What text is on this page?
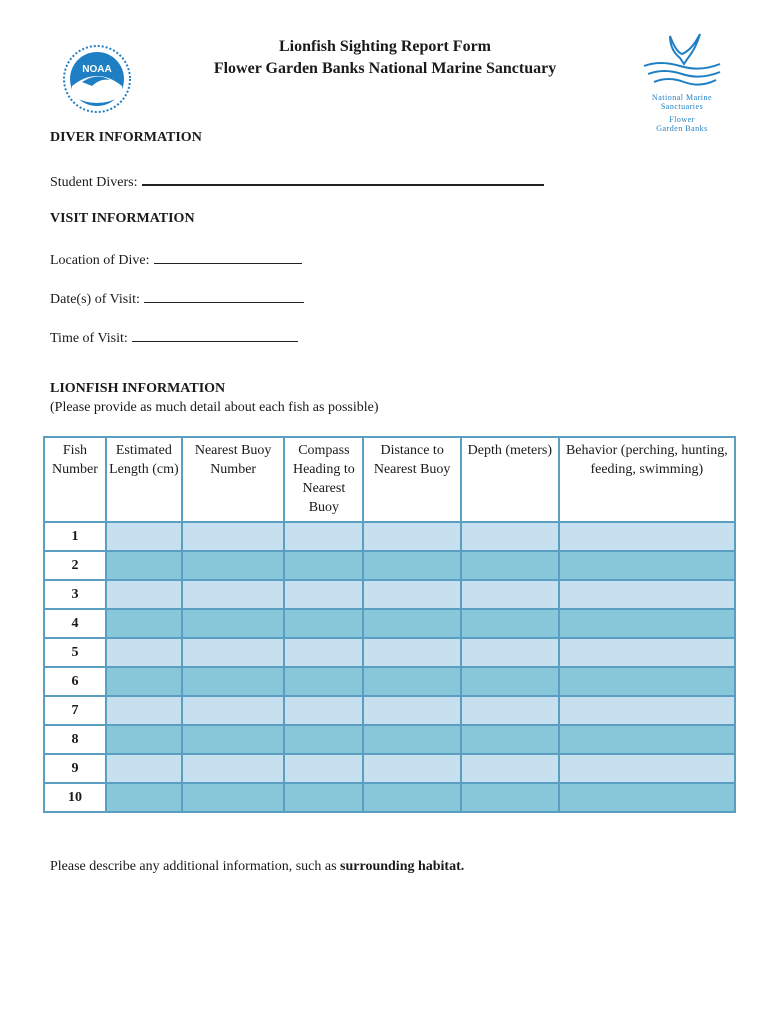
NOAA
Lionfish Sighting Report Form
Flower Garden Banks National Marine Sanctuary
National Marine
Sanctuaries
Flower
Garden Banks
DIVER INFORMATION
Student Divers:
VISIT INFORMATION
Location of Dive:
Date(s) of Visit:
Time of Visit:
LIONFISH INFORMATION
(Please provide as much detail about each fish as possible)
Fish Number	Estimated Length (cm)	Nearest Buoy Number	Compass Heading to Nearest Buoy	Distance to Nearest Buoy	Depth (meters)	Behavior (perching, hunting, feeding, swimming)
1						
2						
3						
4						
5						
6						
7						
8						
9						
10						
Please describe any additional information, such as surrounding habitat.
